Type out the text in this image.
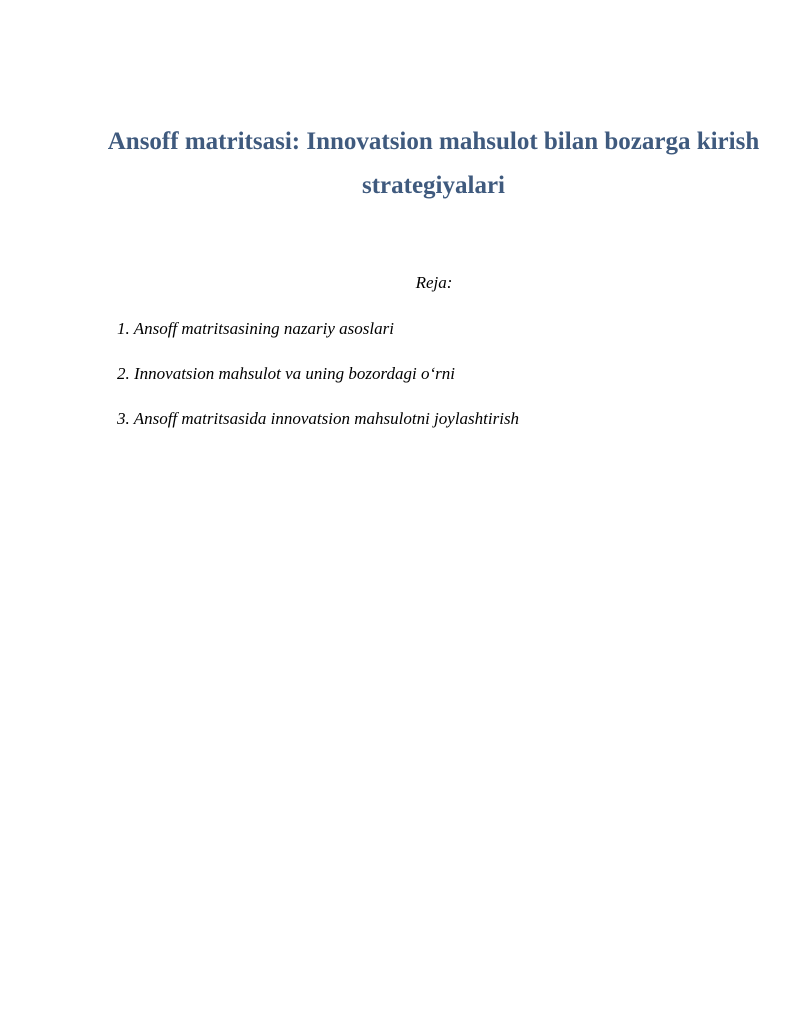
Ansoff matritsasi: Innovatsion mahsulot bilan bozarga kirish strategiyalari
Reja:
1. Ansoff matritsasining nazariy asoslari
2. Innovatsion mahsulot va uning bozordagi o‘rni
3. Ansoff matritsasida innovatsion mahsulotni joylashtirish
